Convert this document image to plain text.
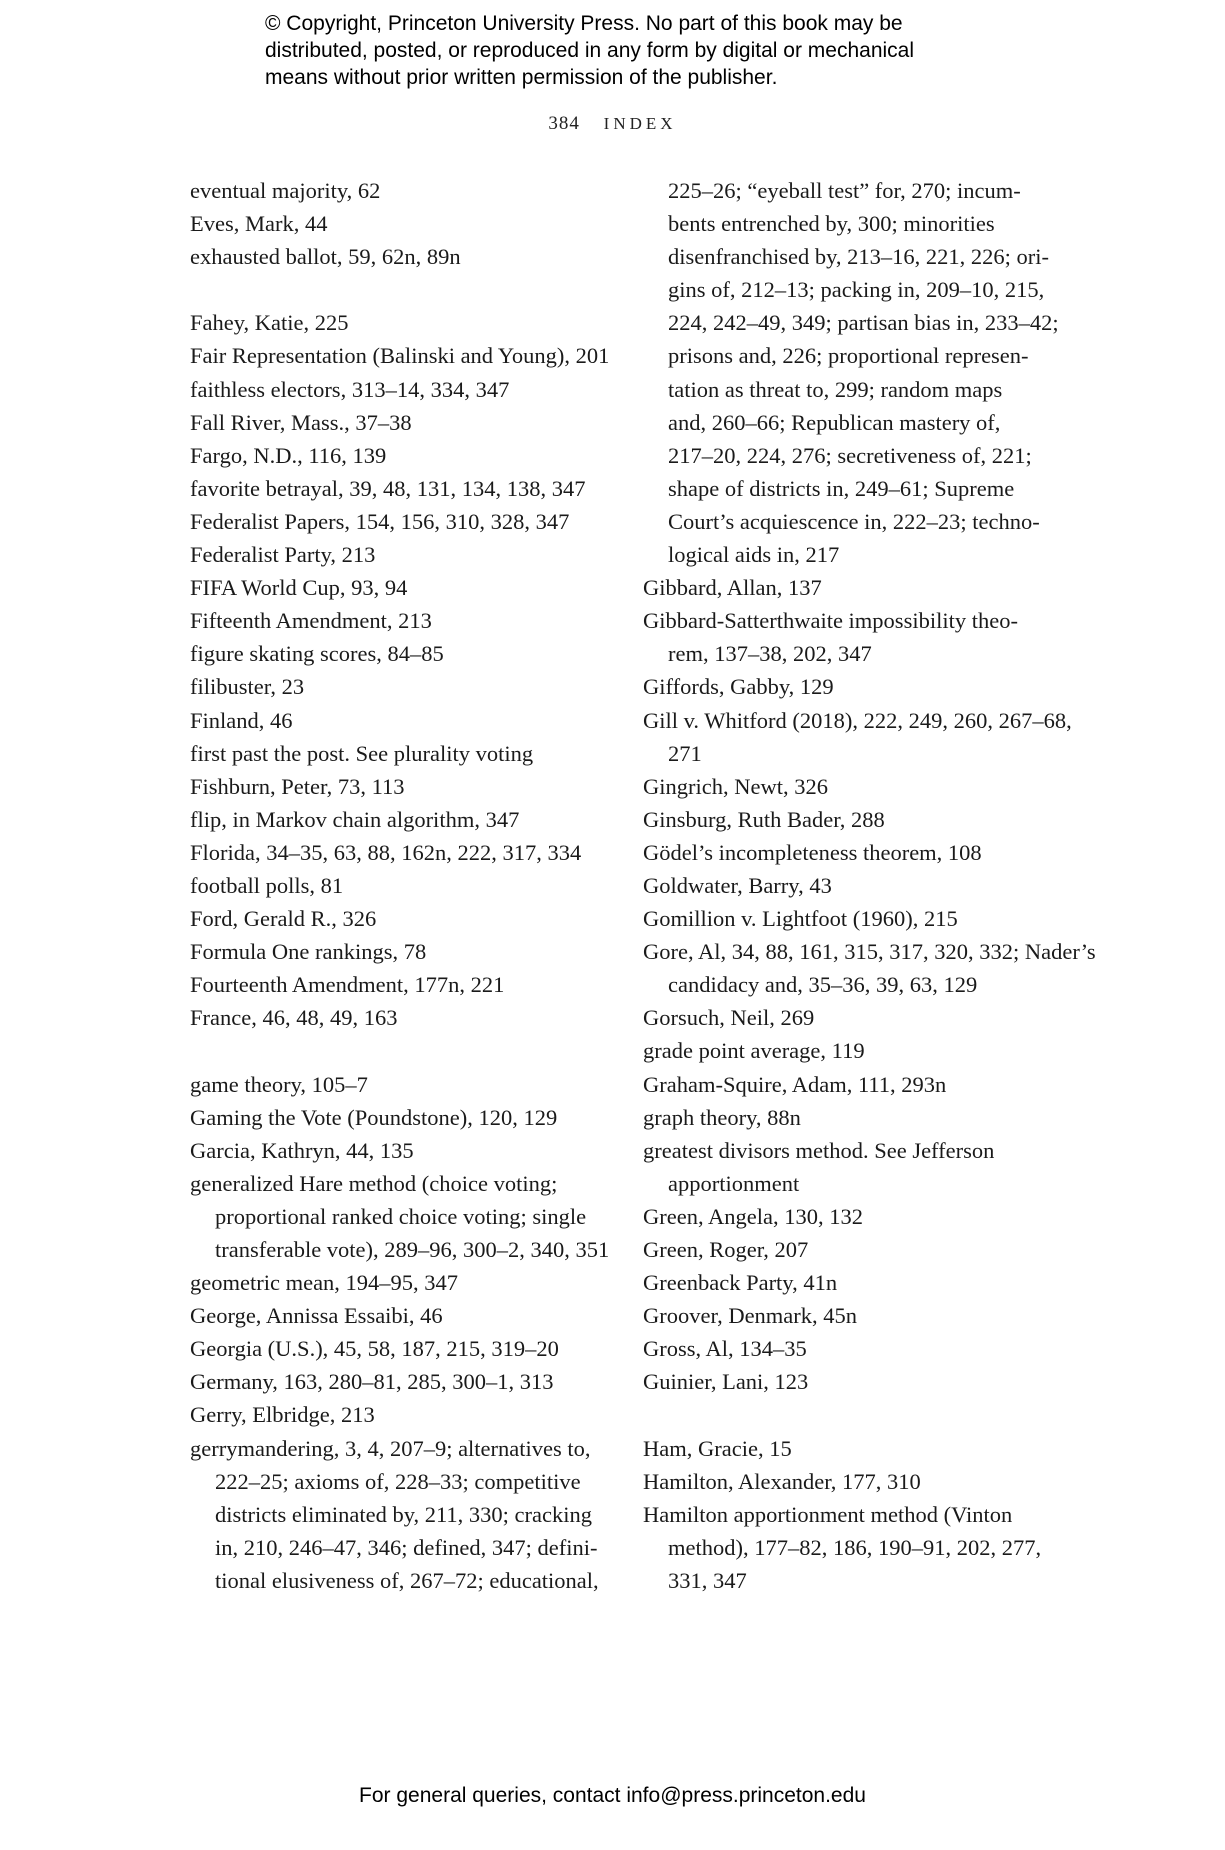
© Copyright, Princeton University Press. No part of this book may be
distributed, posted, or reproduced in any form by digital or mechanical
means without prior written permission of the publisher.
384 INDEX
eventual majority, 62
Eves, Mark, 44
exhausted ballot, 59, 62n, 89n
Fahey, Katie, 225
Fair Representation (Balinski and Young), 201
faithless electors, 313–14, 334, 347
Fall River, Mass., 37–38
Fargo, N.D., 116, 139
favorite betrayal, 39, 48, 131, 134, 138, 347
Federalist Papers, 154, 156, 310, 328, 347
Federalist Party, 213
FIFA World Cup, 93, 94
Fifteenth Amendment, 213
figure skating scores, 84–85
filibuster, 23
Finland, 46
first past the post. See plurality voting
Fishburn, Peter, 73, 113
flip, in Markov chain algorithm, 347
Florida, 34–35, 63, 88, 162n, 222, 317, 334
football polls, 81
Ford, Gerald R., 326
Formula One rankings, 78
Fourteenth Amendment, 177n, 221
France, 46, 48, 49, 163
game theory, 105–7
Gaming the Vote (Poundstone), 120, 129
Garcia, Kathryn, 44, 135
generalized Hare method (choice voting;
proportional ranked choice voting; single
transferable vote), 289–96, 300–2, 340, 351
geometric mean, 194–95, 347
George, Annissa Essaibi, 46
Georgia (U.S.), 45, 58, 187, 215, 319–20
Germany, 163, 280–81, 285, 300–1, 313
Gerry, Elbridge, 213
gerrymandering, 3, 4, 207–9; alternatives to,
222–25; axioms of, 228–33; competitive
districts eliminated by, 211, 330; cracking
in, 210, 246–47, 346; defined, 347; defini-
tional elusiveness of, 267–72; educational,
225–26; “eyeball test” for, 270; incum-
bents entrenched by, 300; minorities
disenfranchised by, 213–16, 221, 226; ori-
gins of, 212–13; packing in, 209–10, 215,
224, 242–49, 349; partisan bias in, 233–42;
prisons and, 226; proportional represen-
tation as threat to, 299; random maps
and, 260–66; Republican mastery of,
217–20, 224, 276; secretiveness of, 221;
shape of districts in, 249–61; Supreme
Court’s acquiescence in, 222–23; techno-
logical aids in, 217
Gibbard, Allan, 137
Gibbard-Satterthwaite impossibility theo-
rem, 137–38, 202, 347
Giffords, Gabby, 129
Gill v. Whitford (2018), 222, 249, 260, 267–68,
271
Gingrich, Newt, 326
Ginsburg, Ruth Bader, 288
Gödel’s incompleteness theorem, 108
Goldwater, Barry, 43
Gomillion v. Lightfoot (1960), 215
Gore, Al, 34, 88, 161, 315, 317, 320, 332; Nader’s
candidacy and, 35–36, 39, 63, 129
Gorsuch, Neil, 269
grade point average, 119
Graham-Squire, Adam, 111, 293n
graph theory, 88n
greatest divisors method. See Jefferson
apportionment
Green, Angela, 130, 132
Green, Roger, 207
Greenback Party, 41n
Groover, Denmark, 45n
Gross, Al, 134–35
Guinier, Lani, 123
Ham, Gracie, 15
Hamilton, Alexander, 177, 310
Hamilton apportionment method (Vinton
method), 177–82, 186, 190–91, 202, 277,
331, 347
For general queries, contact info@press.princeton.edu
